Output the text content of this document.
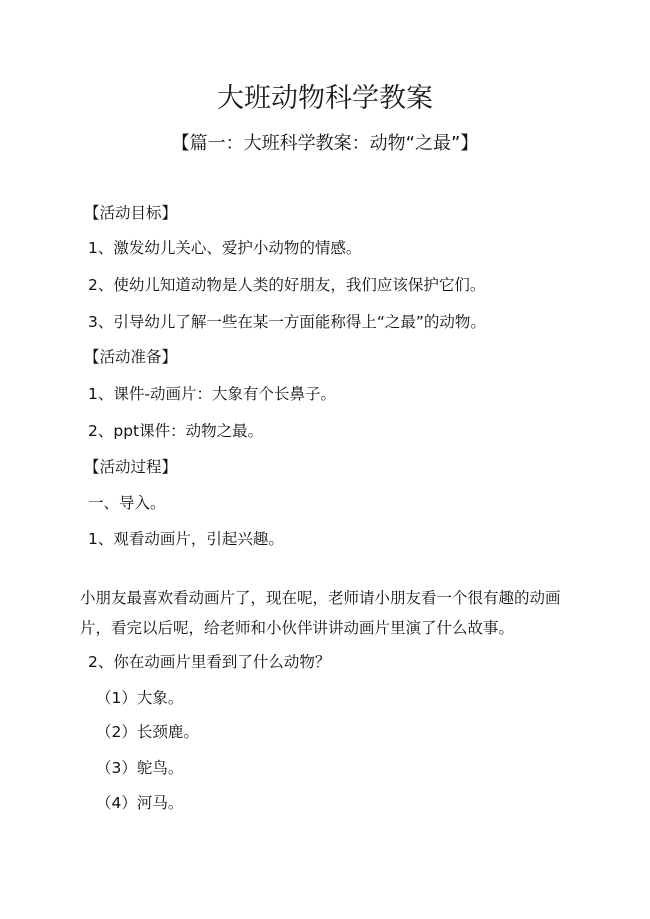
大班动物科学教案
【篇一：大班科学教案：动物“之最”】
【活动目标】
1、激发幼儿关心、爱护小动物的情感。
2、使幼儿知道动物是人类的好朋友，我们应该保护它们。
3、引导幼儿了解一些在某一方面能称得上“之最”的动物。
【活动准备】
1、课件-动画片：大象有个长鼻子。
2、ppt课件：动物之最。
【活动过程】
一、导入。
1、观看动画片，引起兴趣。
小朋友最喜欢看动画片了，现在呢，老师请小朋友看一个很有趣的动画片，看完以后呢，给老师和小伙伴讲讲动画片里演了什么故事。
2、你在动画片里看到了什么动物？
（1）大象。
（2）长颈鹿。
（3）鸵鸟。
（4）河马。
